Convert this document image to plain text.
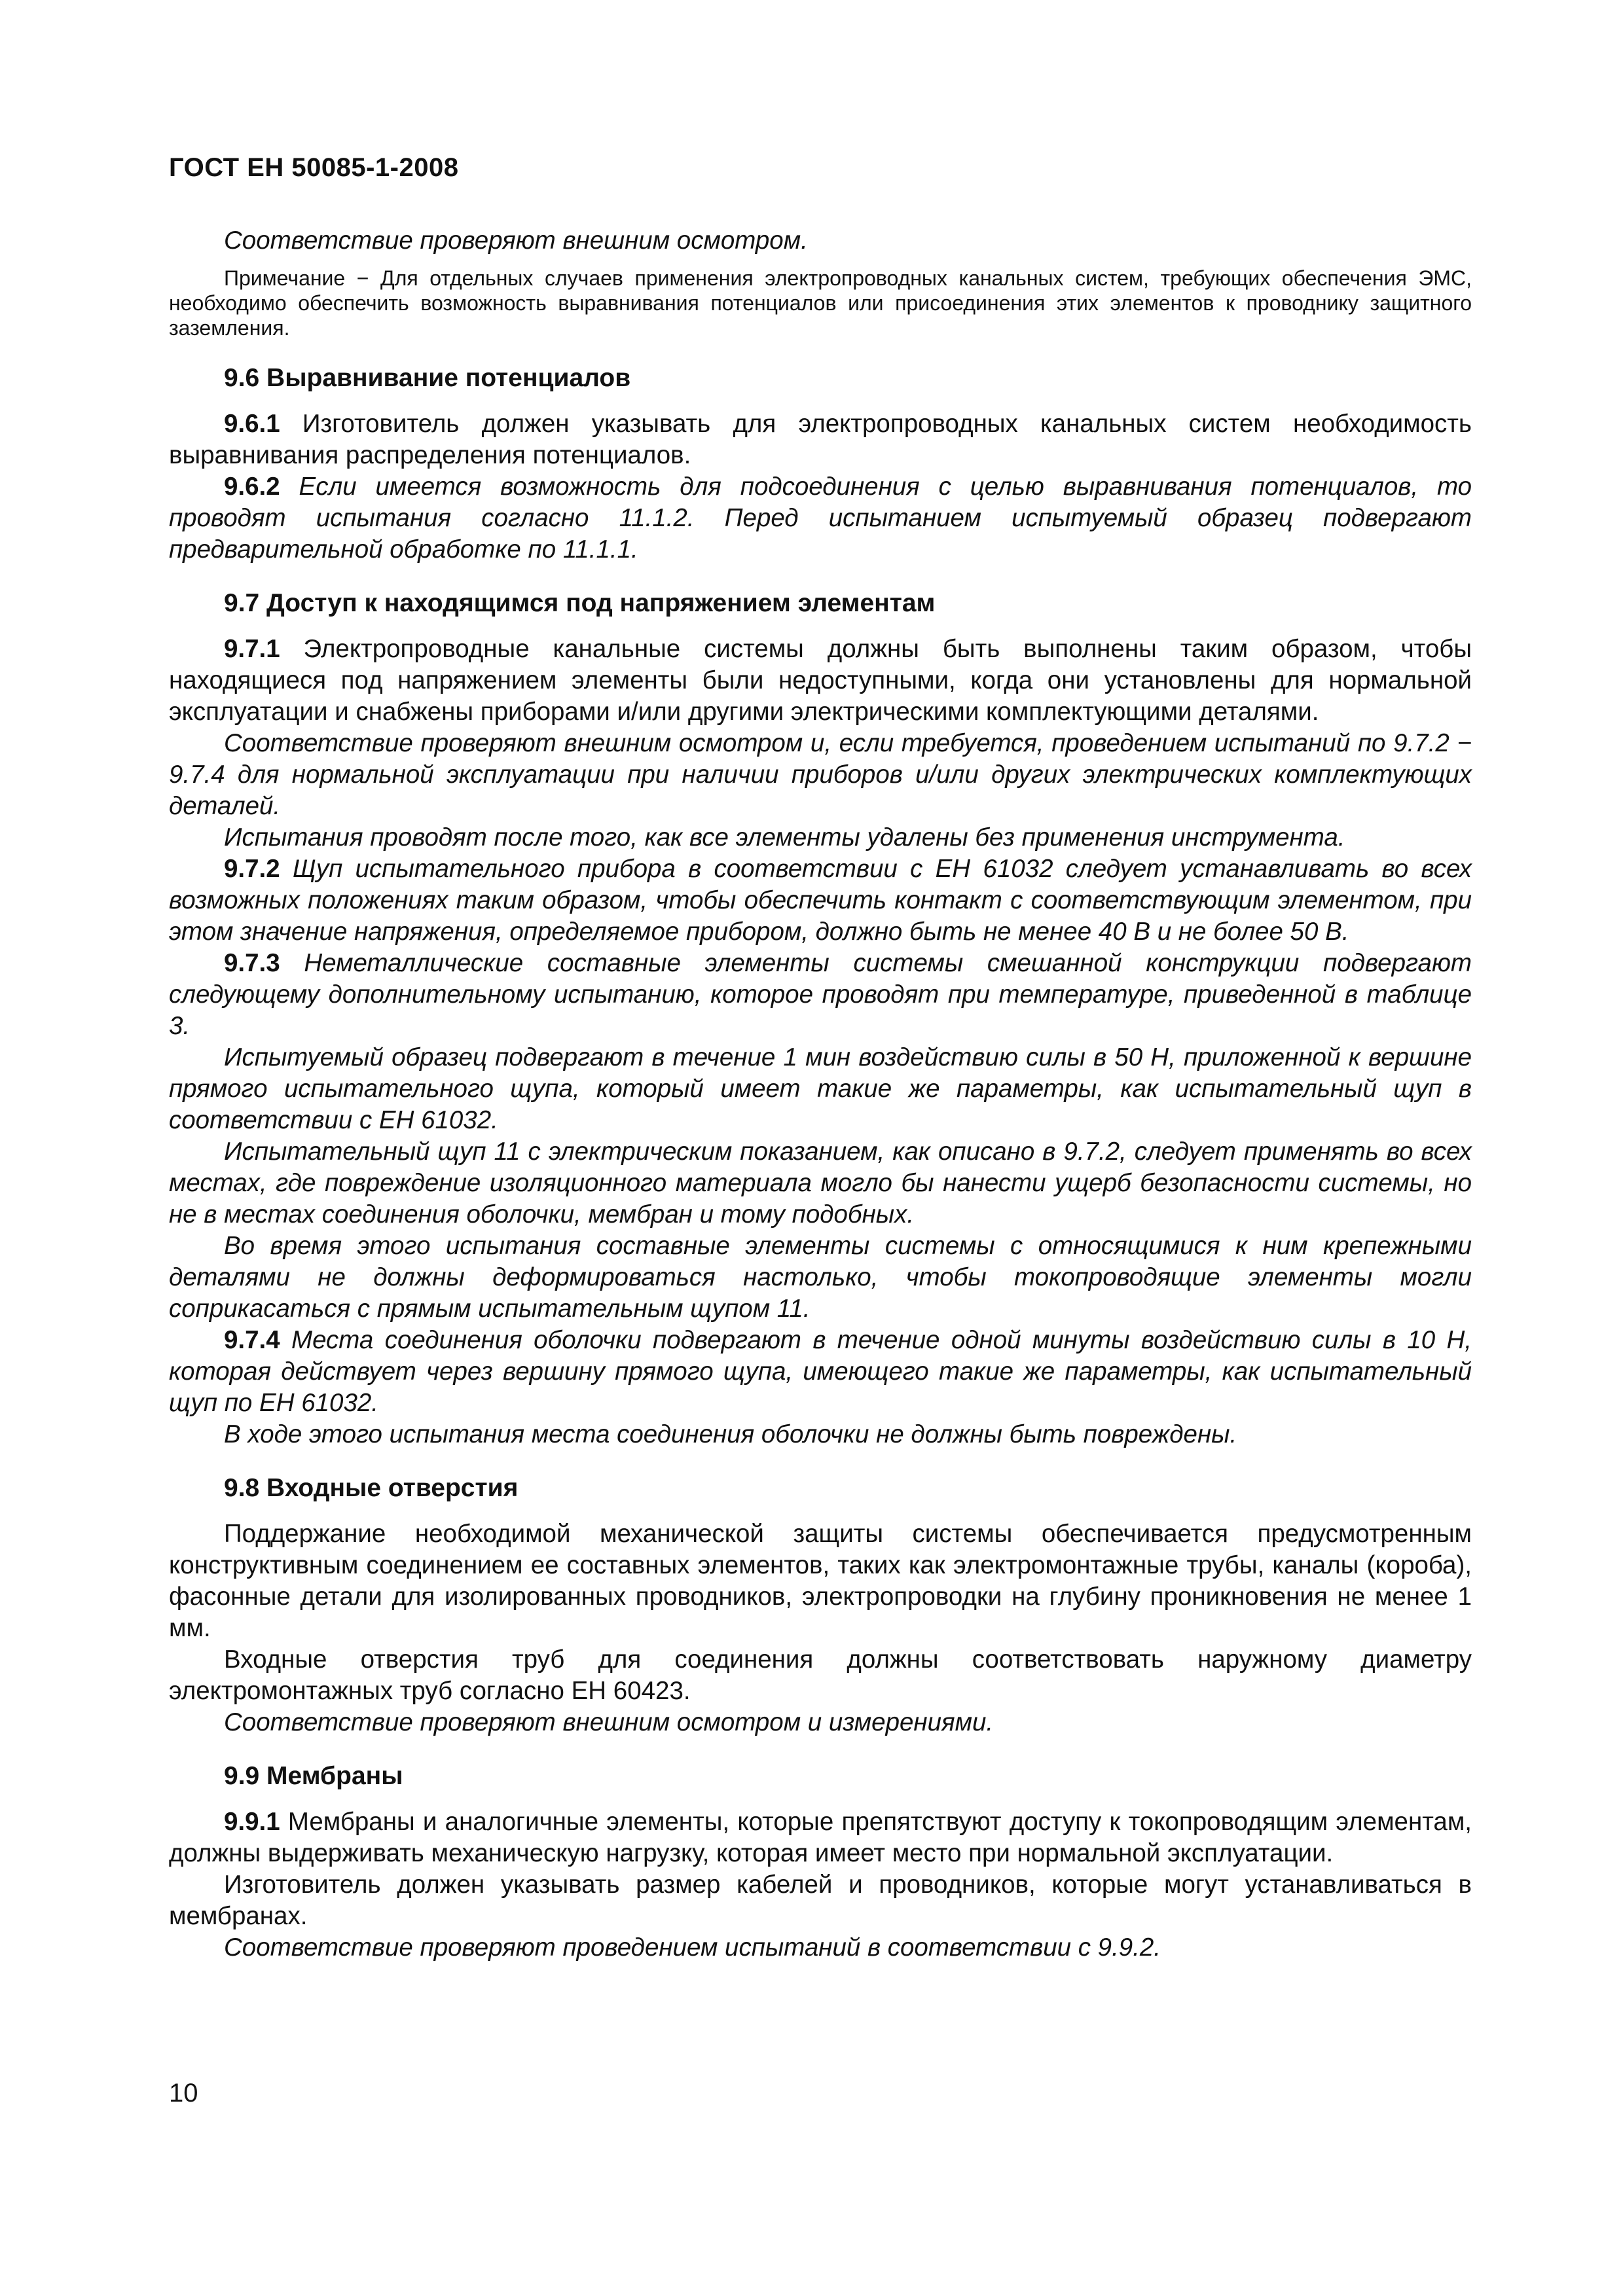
ГОСТ ЕН 50085-1-2008

Соответствие проверяют внешним осмотром.

Примечание − Для отдельных случаев применения электропроводных канальных систем, требующих обеспечения ЭМС, необходимо обеспечить возможность выравнивания потенциалов или присоединения этих элементов к проводнику защитного заземления.

9.6 Выравнивание потенциалов

9.6.1 Изготовитель должен указывать для электропроводных канальных систем необходимость выравнивания распределения потенциалов.

9.6.2 Если имеется возможность для подсоединения с целью выравнивания потенциалов, то проводят испытания согласно 11.1.2. Перед испытанием испытуемый образец подвергают предварительной обработке по 11.1.1.

9.7 Доступ к находящимся под напряжением элементам

9.7.1 Электропроводные канальные системы должны быть выполнены таким образом, чтобы находящиеся под напряжением элементы были недоступными, когда они установлены для нормальной эксплуатации и снабжены приборами и/или другими электрическими комплектующими деталями.

Соответствие проверяют внешним осмотром и, если требуется, проведением испытаний по 9.7.2 − 9.7.4 для нормальной эксплуатации при наличии приборов и/или других электрических комплектующих деталей.

Испытания проводят после того, как все элементы удалены без применения инструмента.

9.7.2 Щуп испытательного прибора в соответствии с ЕН 61032 следует устанавливать во всех возможных положениях таким образом, чтобы обеспечить контакт с соответствующим элементом, при этом значение напряжения, определяемое прибором, должно быть не менее 40 В и не более 50 В.

9.7.3 Неметаллические составные элементы системы смешанной конструкции подвергают следующему дополнительному испытанию, которое проводят при температуре, приведенной в таблице 3.

Испытуемый образец подвергают в течение 1 мин воздействию силы в 50 Н, приложенной к вершине прямого испытательного щупа, который имеет такие же параметры, как испытательный щуп в соответствии с ЕН 61032.

Испытательный щуп 11 с электрическим показанием, как описано в 9.7.2, следует применять во всех местах, где повреждение изоляционного материала могло бы нанести ущерб безопасности системы, но не в местах соединения оболочки, мембран и тому подобных.

Во время этого испытания составные элементы системы с относящимися к ним крепежными деталями не должны деформироваться настолько, чтобы токопроводящие элементы могли соприкасаться с прямым испытательным щупом 11.

9.7.4 Места соединения оболочки подвергают в течение одной минуты воздействию силы в 10 Н, которая действует через вершину прямого щупа, имеющего такие же параметры, как испытательный щуп по ЕН 61032.

В ходе этого испытания места соединения оболочки не должны быть повреждены.

9.8 Входные отверстия

Поддержание необходимой механической защиты системы обеспечивается предусмотренным конструктивным соединением ее составных элементов, таких как электромонтажные трубы, каналы (короба), фасонные детали для изолированных проводников, электропроводки на глубину проникновения не менее 1 мм.

Входные отверстия труб для соединения должны соответствовать наружному диаметру электромонтажных труб согласно ЕН 60423.

Соответствие проверяют внешним осмотром и измерениями.

9.9 Мембраны

9.9.1 Мембраны и аналогичные элементы, которые препятствуют доступу к токопроводящим элементам, должны выдерживать механическую нагрузку, которая имеет место при нормальной эксплуатации.

Изготовитель должен указывать размер кабелей и проводников, которые могут устанавливаться в мембранах.

Соответствие проверяют проведением испытаний в соответствии с 9.9.2.

10
